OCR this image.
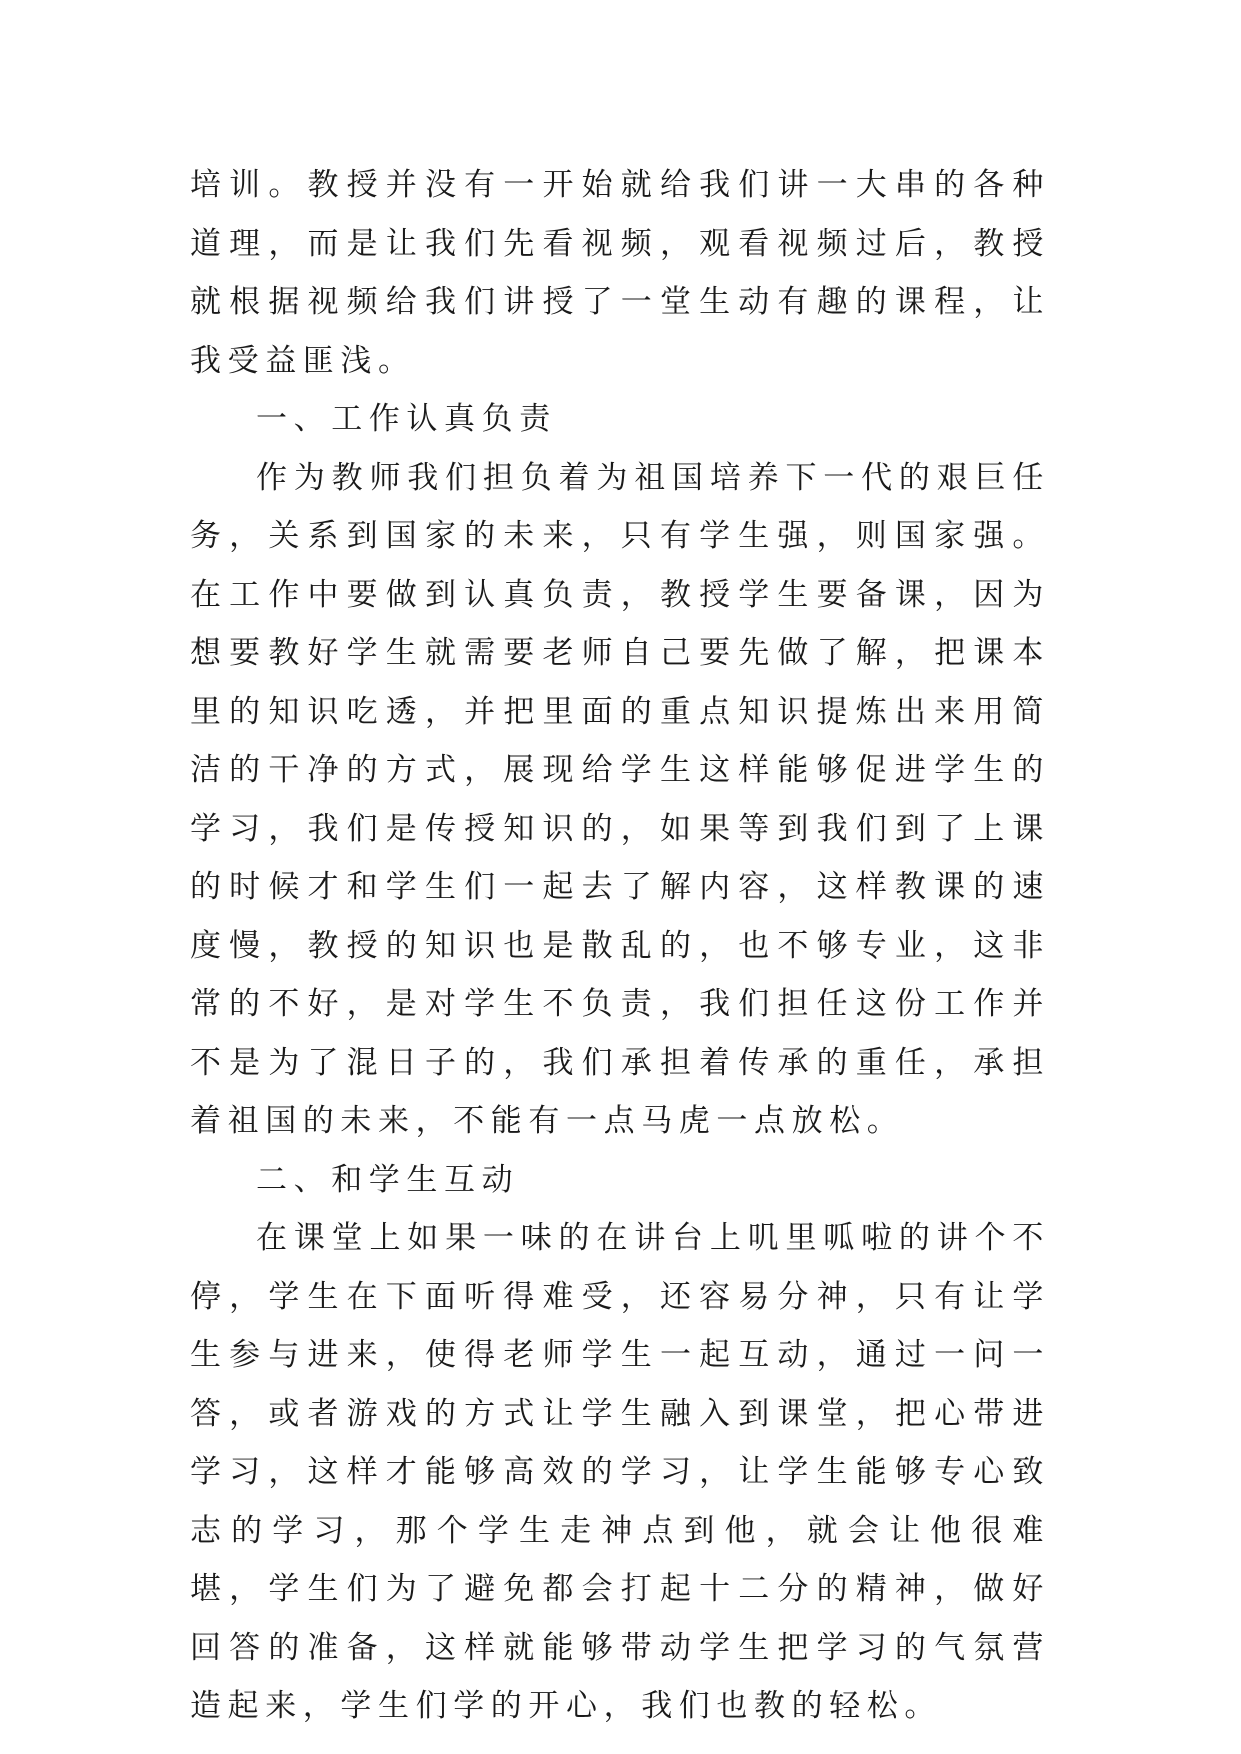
培训。教授并没有一开始就给我们讲一大串的各种道理，而是让我们先看视频，观看视频过后，教授就根据视频给我们讲授了一堂生动有趣的课程，让我受益匪浅。

一、工作认真负责

作为教师我们担负着为祖国培养下一代的艰巨任务，关系到国家的未来，只有学生强，则国家强。在工作中要做到认真负责，教授学生要备课，因为想要教好学生就需要老师自己要先做了解，把课本里的知识吃透，并把里面的重点知识提炼出来用简洁的干净的方式，展现给学生这样能够促进学生的学习，我们是传授知识的，如果等到我们到了上课的时候才和学生们一起去了解内容，这样教课的速度慢，教授的知识也是散乱的，也不够专业，这非常的不好，是对学生不负责，我们担任这份工作并不是为了混日子的，我们承担着传承的重任，承担着祖国的未来，不能有一点马虎一点放松。

二、和学生互动

在课堂上如果一味的在讲台上叽里呱啦的讲个不停，学生在下面听得难受，还容易分神，只有让学生参与进来，使得老师学生一起互动，通过一问一答，或者游戏的方式让学生融入到课堂，把心带进学习，这样才能够高效的学习，让学生能够专心致志的学习，那个学生走神点到他，就会让他很难堪，学生们为了避免都会打起十二分的精神，做好回答的准备，这样就能够带动学生把学习的气氛营造起来，学生们学的开心，我们也教的轻松。
